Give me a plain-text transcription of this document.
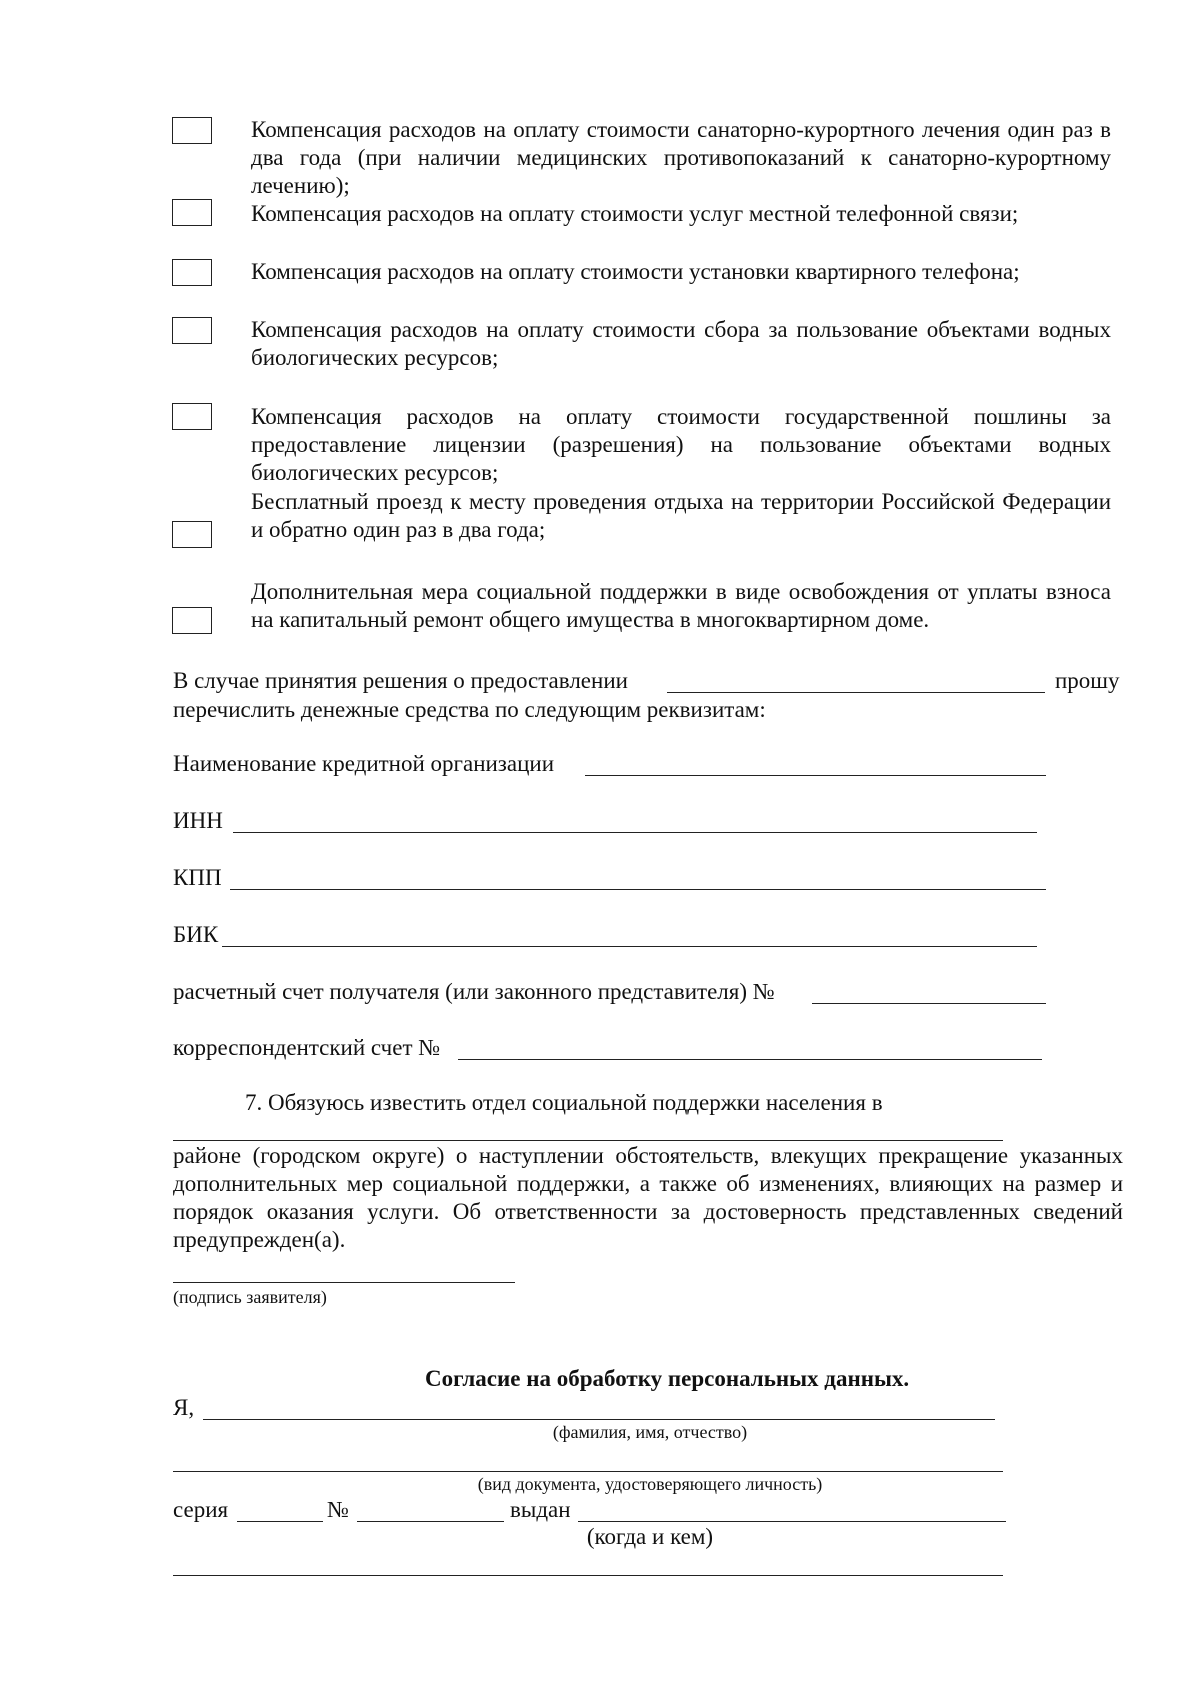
Компенсация расходов на оплату стоимости санаторно-курортного лечения один раз в два года (при наличии медицинских противопоказаний к санаторно-курортному лечению);
Компенсация расходов на оплату стоимости услуг местной телефонной связи;
Компенсация расходов на оплату стоимости установки квартирного телефона;
Компенсация расходов на оплату стоимости сбора за пользование объектами водных биологических ресурсов;
Компенсация расходов на оплату стоимости государственной пошлины за предоставление лицензии (разрешения) на пользование объектами водных биологических ресурсов;
Бесплатный проезд к месту проведения отдыха на территории Российской Федерации и обратно один раз в два года;
Дополнительная мера социальной поддержки в виде освобождения от уплаты взноса на капитальный ремонт общего имущества в многоквартирном доме.
В случае принятия решения о предоставлении	прошу
перечислить денежные средства по следующим реквизитам:
Наименование кредитной организации
ИНН
КПП
БИК
расчетный счет получателя (или законного представителя) №
корреспондентский счет №
7. Обязуюсь известить отдел социальной поддержки населения в
районе (городском округе) о наступлении обстоятельств, влекущих прекращение указанных дополнительных мер социальной поддержки, а также об изменениях, влияющих на размер и порядок оказания услуги. Об ответственности за достоверность представленных сведений предупрежден(а).
(подпись заявителя)
Согласие на обработку персональных данных.
Я,
(фамилия, имя, отчество)
(вид документа, удостоверяющего личность)
серия	№	выдан
(когда и кем)
